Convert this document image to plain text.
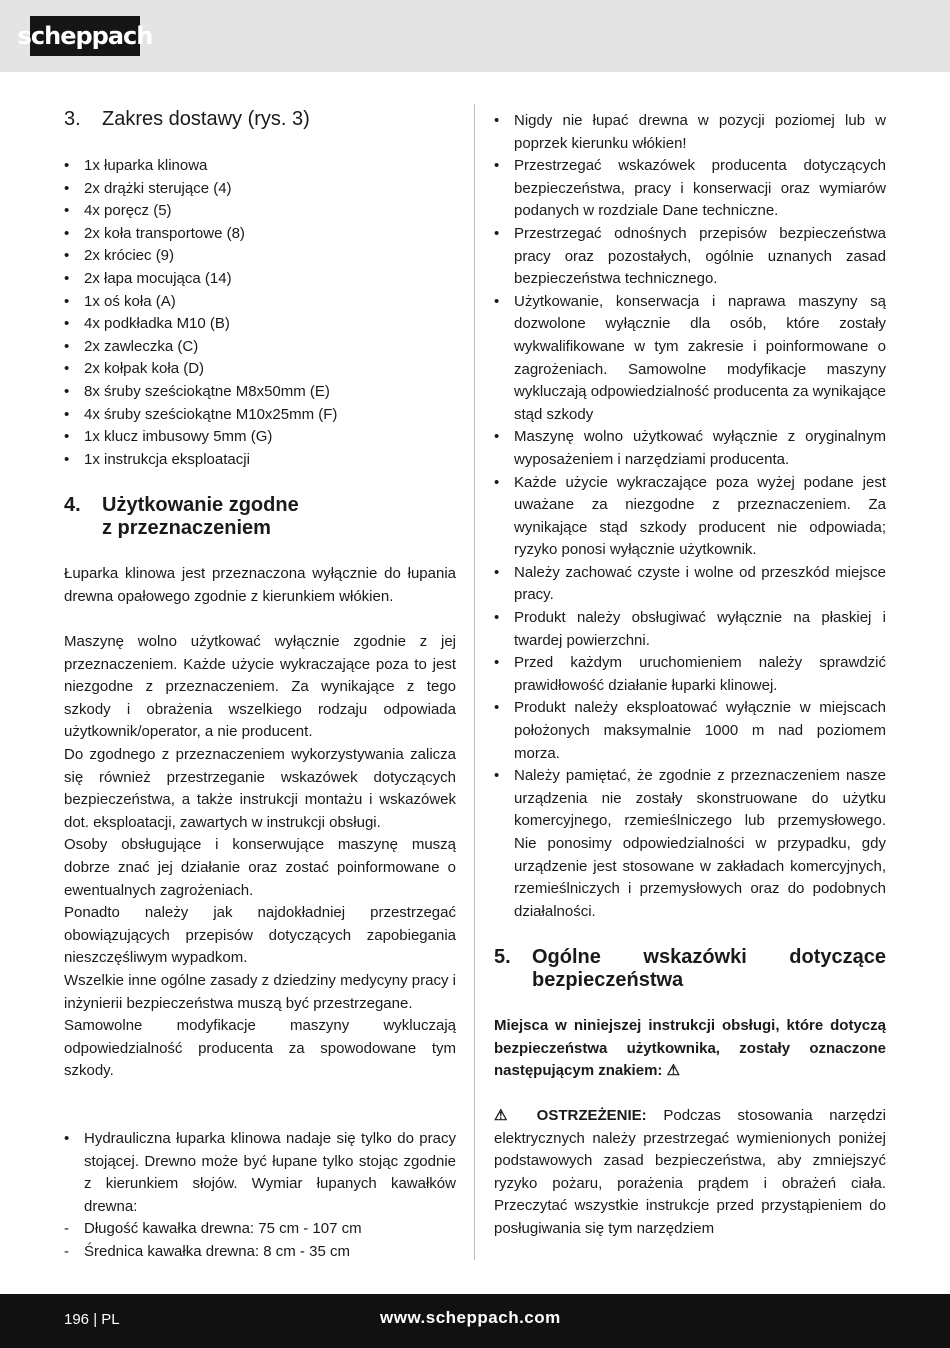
scheppach
3. Zakres dostawy (rys. 3)
• 1x łuparka klinowa
• 2x drążki sterujące (4)
• 4x poręcz (5)
• 2x koła transportowe (8)
• 2x króciec (9)
• 2x łapa mocująca (14)
• 1x oś koła (A)
• 4x podkładka M10 (B)
• 2x zawleczka (C)
• 2x kołpak koła (D)
• 8x śruby sześciokątne M8x50mm (E)
• 4x śruby sześciokątne M10x25mm (F)
• 1x klucz imbusowy 5mm (G)
• 1x instrukcja eksploatacji
4. Użytkowanie zgodne
z przeznaczeniem

Łuparka klinowa jest przeznaczona wyłącznie do łupania drewna opałowego zgodnie z kierunkiem włókien.

Maszynę wolno użytkować wyłącznie zgodnie z jej przeznaczeniem. Każde użycie wykraczające poza to jest niezgodne z przeznaczeniem. Za wynikające z tego szkody i obrażenia wszelkiego rodzaju odpowiada użytkownik/operator, a nie producent.
Do zgodnego z przeznaczeniem wykorzystywania zalicza się również przestrzeganie wskazówek dotyczących bezpieczeństwa, a także instrukcji montażu i wskazówek dot. eksploatacji, zawartych w instrukcji obsługi.
Osoby obsługujące i konserwujące maszynę muszą dobrze znać jej działanie oraz zostać poinformowane o ewentualnych zagrożeniach.
Ponadto należy jak najdokładniej przestrzegać obowiązujących przepisów dotyczących zapobiegania nieszczęśliwym wypadkom.
Wszelkie inne ogólne zasady z dziedziny medycyny pracy i inżynierii bezpieczeństwa muszą być przestrzegane.
Samowolne modyfikacje maszyny wykluczają odpowiedzialność producenta za spowodowane tym szkody.
• Hydrauliczna łuparka klinowa nadaje się tylko do pracy stojącej. Drewno może być łupane tylko stojąc zgodnie z kierunkiem słojów. Wymiar łupanych kawałków drewna:
- Długość kawałka drewna: 75 cm - 107 cm
- Średnica kawałka drewna: 8 cm - 35 cm
• Nigdy nie łupać drewna w pozycji poziomej lub w poprzek kierunku włókien!
• Przestrzegać wskazówek producenta dotyczących bezpieczeństwa, pracy i konserwacji oraz wymiarów podanych w rozdziale Dane techniczne.
• Przestrzegać odnośnych przepisów bezpieczeństwa pracy oraz pozostałych, ogólnie uznanych zasad bezpieczeństwa technicznego.
• Użytkowanie, konserwacja i naprawa maszyny są dozwolone wyłącznie dla osób, które zostały wykwalifikowane w tym zakresie i poinformowane o zagrożeniach. Samowolne modyfikacje maszyny wykluczają odpowiedzialność producenta za wynikające stąd szkody
• Maszynę wolno użytkować wyłącznie z oryginalnym wyposażeniem i narzędziami producenta.
• Każde użycie wykraczające poza wyżej podane jest uważane za niezgodne z przeznaczeniem. Za wynikające stąd szkody producent nie odpowiada; ryzyko ponosi wyłącznie użytkownik.
• Należy zachować czyste i wolne od przeszkód miejsce pracy.
• Produkt należy obsługiwać wyłącznie na płaskiej i twardej powierzchni.
• Przed każdym uruchomieniem należy sprawdzić prawidłowość działanie łuparki klinowej.
• Produkt należy eksploatować wyłącznie w miejscach położonych maksymalnie 1000 m nad poziomem morza.
• Należy pamiętać, że zgodnie z przeznaczeniem nasze urządzenia nie zostały skonstruowane do użytku komercyjnego, rzemieślniczego lub przemysłowego. Nie ponosimy odpowiedzialności w przypadku, gdy urządzenie jest stosowane w zakładach komercyjnych, rzemieślniczych i przemysłowych oraz do podobnych działalności.
5. Ogólne wskazówki dotyczące bezpieczeństwa

Miejsca w niniejszej instrukcji obsługi, które dotyczą bezpieczeństwa użytkownika, zostały oznaczone następującym znakiem: ⚠

⚠ OSTRZEŻENIE: Podczas stosowania narzędzi elektrycznych należy przestrzegać wymienionych poniżej podstawowych zasad bezpieczeństwa, aby zmniejszyć ryzyko pożaru, porażenia prądem i obrażeń ciała. Przeczytać wszystkie instrukcje przed przystąpieniem do posługiwania się tym narzędziem

196 | PL	www.scheppach.com
